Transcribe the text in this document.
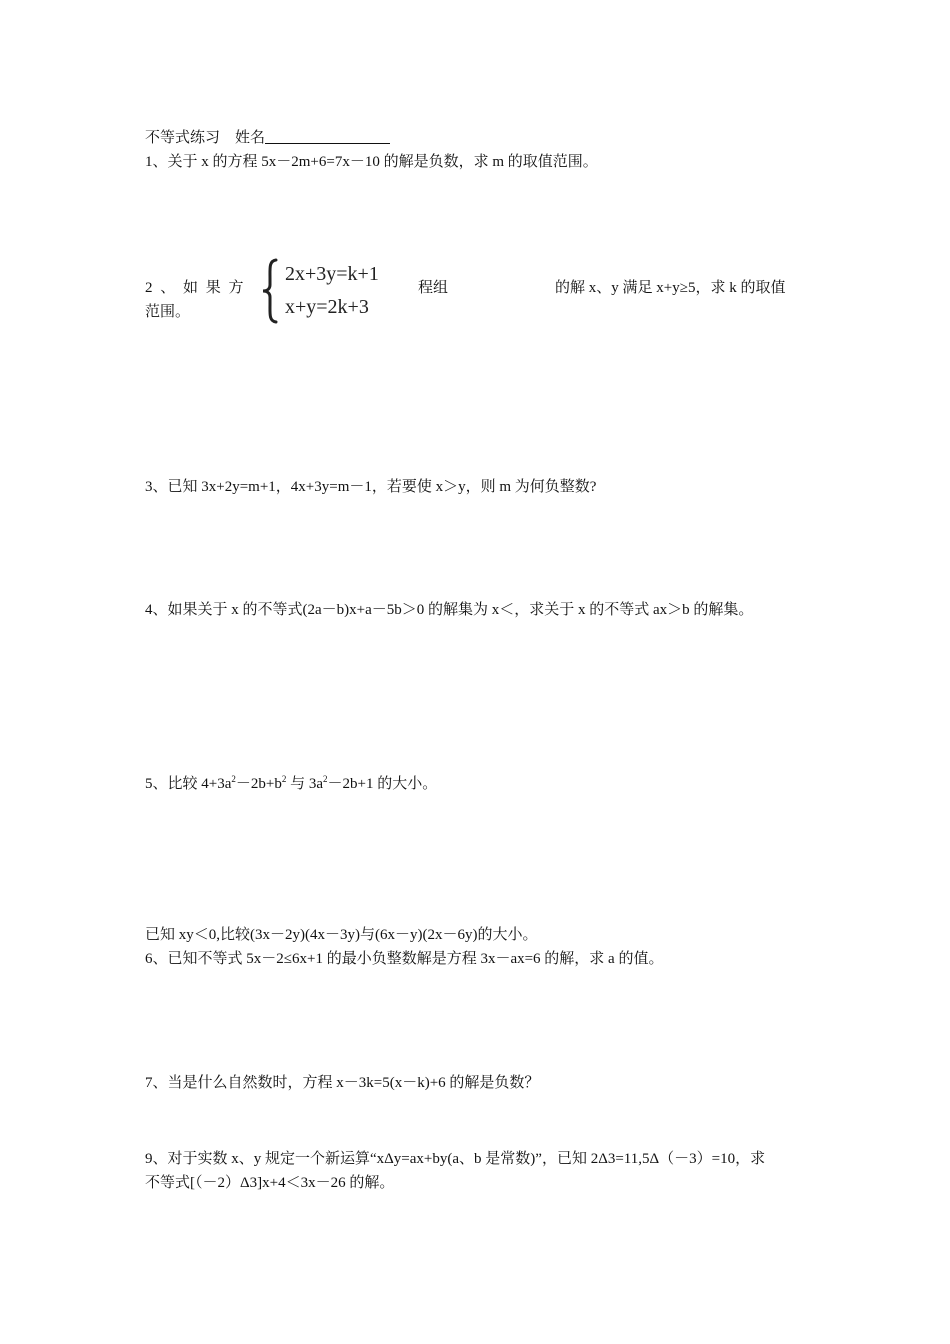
不等式练习 姓名
1、关于 x 的方程 5x－2m+6=7x－10 的解是负数，求 m 的取值范围。
2 、 如 果 方	程组	的解 x、y 满足 x+y≥5，求 k 的取值
范围。
2x+3y=k+1
x+y=2k+3
3、已知 3x+2y=m+1，4x+3y=m－1，若要使 x＞y，则 m 为何负整数?
4、如果关于 x 的不等式(2a－b)x+a－5b＞0 的解集为 x＜，求关于 x 的不等式 ax＞b 的解集。
5、比较 $4+3a^2-2b+b^2$ 与 $3a^2-2b+1$ 的大小。
已知 xy＜0,比较(3x－2y)(4x－3y)与(6x－y)(2x－6y)的大小。
6、已知不等式 5x－2≤6x+1 的最小负整数解是方程 3x－ax=6 的解，求 a 的值。
7、当是什么自然数时，方程 x－3k=5(x－k)+6 的解是负数？
9、对于实数 x、y 规定一个新运算“xΔy=ax+by(a、b 是常数)”，已知 2Δ3=11,5Δ（－3）=10，求
不等式[（－2）Δ3]x+4＜3x－26 的解。
